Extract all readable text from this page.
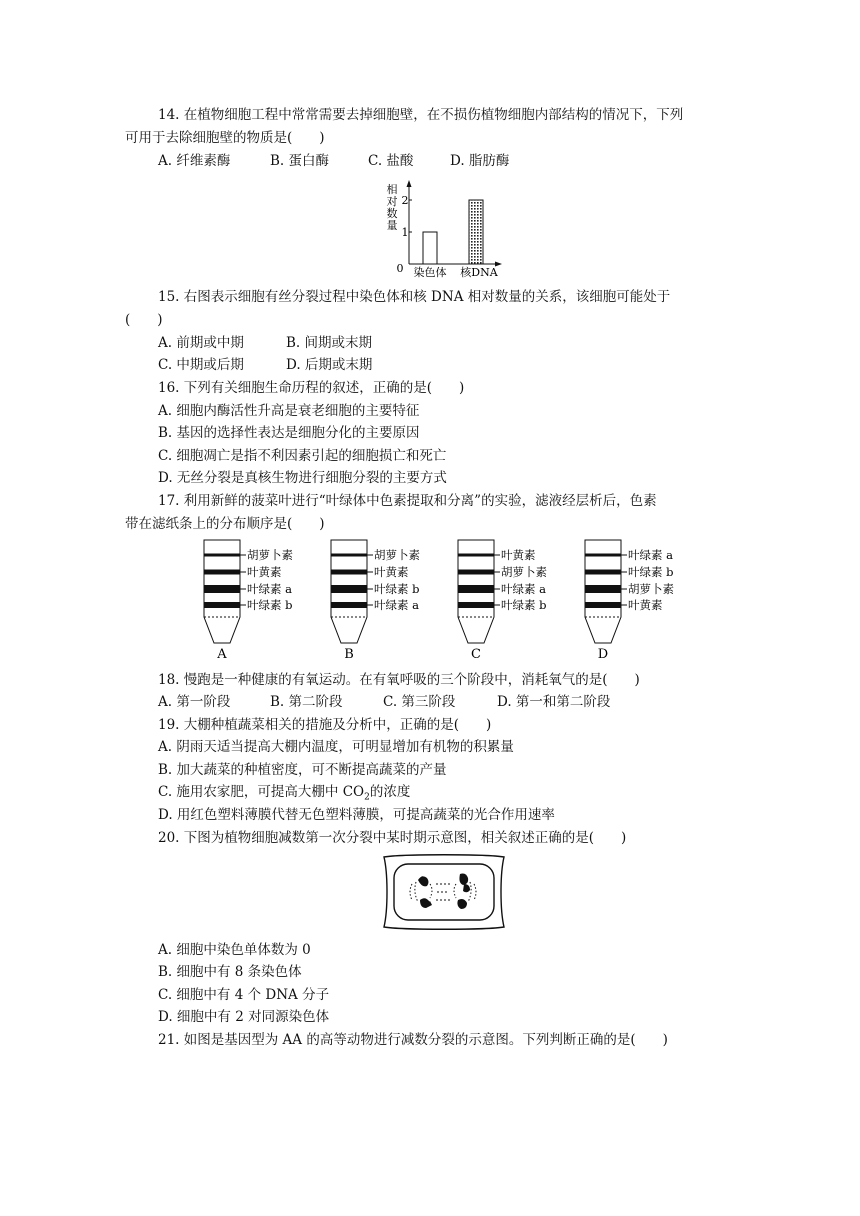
14. 在植物细胞工程中常常需要去掉细胞壁，在不损伤植物细胞内部结构的情况下，下列
可用于去除细胞壁的物质是(　　)
A. 纤维素酶	B. 蛋白酶	C. 盐酸	D. 脂肪酶
相
对
数
量
0
1
2
染色体 核DNA
15. 右图表示细胞有丝分裂过程中染色体和核 DNA 相对数量的关系，该细胞可能处于
(　　)
A. 前期或中期	B. 间期或末期
C. 中期或后期	D. 后期或末期
16. 下列有关细胞生命历程的叙述，正确的是(　　)
A. 细胞内酶活性升高是衰老细胞的主要特征
B. 基因的选择性表达是细胞分化的主要原因
C. 细胞凋亡是指不利因素引起的细胞损亡和死亡
D. 无丝分裂是真核生物进行细胞分裂的主要方式
17. 利用新鲜的菠菜叶进行“叶绿体中色素提取和分离”的实验，滤液经层析后，色素
带在滤纸条上的分布顺序是(　　)
胡萝卜素
叶黄素
叶绿素 a
叶绿素 b
A
胡萝卜素
叶黄素
叶绿素 b
叶绿素 a
B
叶黄素
胡萝卜素
叶绿素 a
叶绿素 b
C
叶绿素 a
叶绿素 b
胡萝卜素
叶黄素
D
18. 慢跑是一种健康的有氧运动。在有氧呼吸的三个阶段中，消耗氧气的是(　　)
A. 第一阶段	B. 第二阶段	C. 第三阶段	D. 第一和第二阶段
19. 大棚种植蔬菜相关的措施及分析中，正确的是(　　)
A. 阴雨天适当提高大棚内温度，可明显增加有机物的积累量
B. 加大蔬菜的种植密度，可不断提高蔬菜的产量
C. 施用农家肥，可提高大棚中 $CO_2$的浓度
D. 用红色塑料薄膜代替无色塑料薄膜，可提高蔬菜的光合作用速率
20. 下图为植物细胞减数第一次分裂中某时期示意图，相关叙述正确的是(　　)
A. 细胞中染色单体数为 0
B. 细胞中有 8 条染色体
C. 细胞中有 4 个 DNA 分子
D. 细胞中有 2 对同源染色体
21. 如图是基因型为 AA 的高等动物进行减数分裂的示意图。下列判断正确的是(　　)
